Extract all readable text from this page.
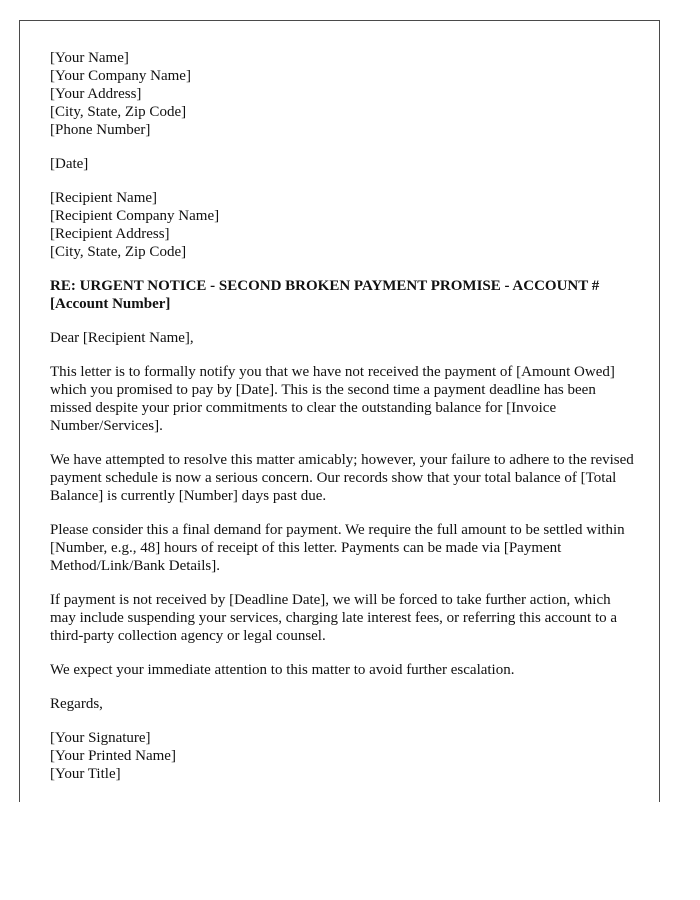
[Your Name]
[Your Company Name]
[Your Address]
[City, State, Zip Code]
[Phone Number]
[Date]
[Recipient Name]
[Recipient Company Name]
[Recipient Address]
[City, State, Zip Code]
RE: URGENT NOTICE - SECOND BROKEN PAYMENT PROMISE - ACCOUNT #[Account Number]

Dear [Recipient Name],

This letter is to formally notify you that we have not received the payment of [Amount Owed] which you promised to pay by [Date]. This is the second time a payment deadline has been missed despite your prior commitments to clear the outstanding balance for [Invoice Number/Services].

We have attempted to resolve this matter amicably; however, your failure to adhere to the revised payment schedule is now a serious concern. Our records show that your total balance of [Total Balance] is currently [Number] days past due.

Please consider this a final demand for payment. We require the full amount to be settled within [Number, e.g., 48] hours of receipt of this letter. Payments can be made via [Payment Method/Link/Bank Details].

If payment is not received by [Deadline Date], we will be forced to take further action, which may include suspending your services, charging late interest fees, or referring this account to a third-party collection agency or legal counsel.

We expect your immediate attention to this matter to avoid further escalation.

Regards,

[Your Signature]
[Your Printed Name]
[Your Title]
